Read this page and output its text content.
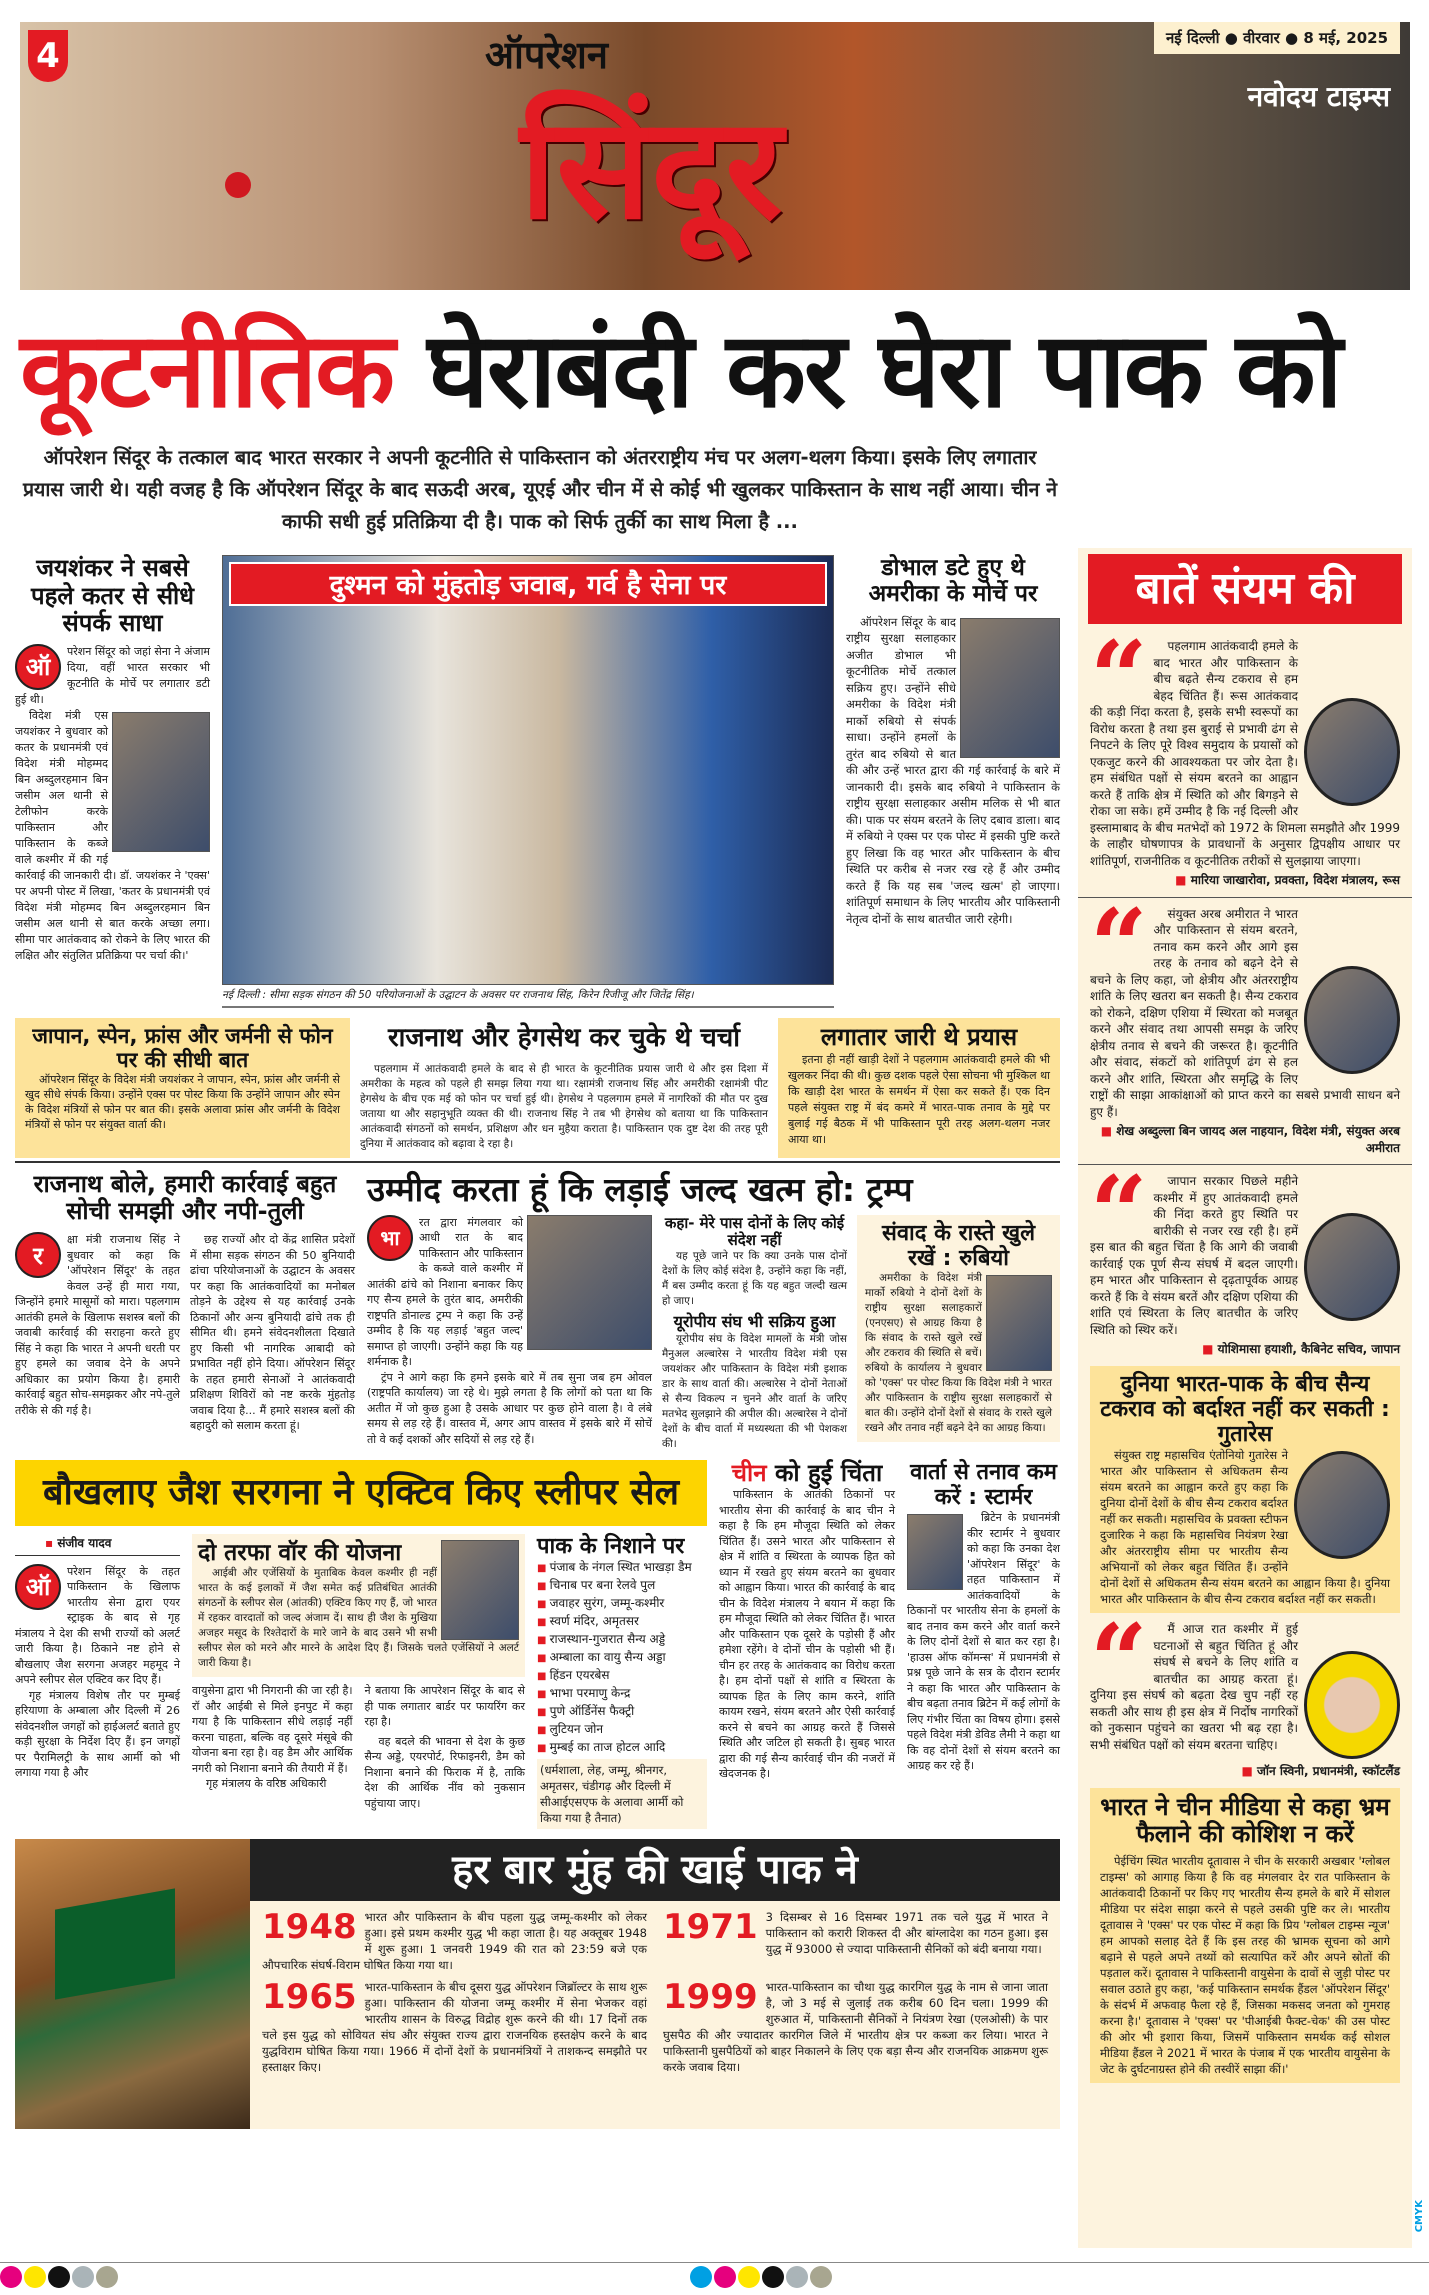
4	ऑपरेशन
सिंदूर
नई दिल्ली ● वीरवार ● 8 मई, 2025
नवोदय टाइम्स
कूटनीतिक घेराबंदी कर घेरा पाक को
ऑपरेशन सिंदूर के तत्काल बाद भारत सरकार ने अपनी कूटनीति से पाकिस्तान को अंतरराष्ट्रीय मंच पर अलग-थलग किया। इसके लिए लगातार प्रयास जारी थे। यही वजह है कि ऑपरेशन सिंदूर के बाद सऊदी अरब, यूएई और चीन में से कोई भी खुलकर पाकिस्तान के साथ नहीं आया। चीन ने काफी सधी हुई प्रतिक्रिया दी है। पाक को सिर्फ तुर्की का साथ मिला है ...
बातें संयम की
“	पहलगाम आतंकवादी हमले के बाद भारत और पाकिस्तान के बीच बढ़ते सैन्य टकराव से हम बेहद चिंतित हैं। रूस आतंकवाद की कड़ी निंदा करता है, इसके सभी स्वरूपों का विरोध करता है तथा इस बुराई से प्रभावी ढंग से निपटने के लिए पूरे विश्व समुदाय के प्रयासों को एकजुट करने की आवश्यकता पर जोर देता है। हम संबंधित पक्षों से संयम बरतने का आह्वान करते हैं ताकि क्षेत्र में स्थिति को और बिगड़ने से रोका जा सके। हमें उम्मीद है कि नई दिल्ली और इस्लामाबाद के बीच मतभेदों को 1972 के शिमला समझौते और 1999 के लाहौर घोषणापत्र के प्रावधानों के अनुसार द्विपक्षीय आधार पर शांतिपूर्ण, राजनीतिक व कूटनीतिक तरीकों से सुलझाया जाएगा।

■ मारिया जाखारोवा, प्रवक्ता, विदेश मंत्रालय, रूस

“	संयुक्त अरब अमीरात ने भारत और पाकिस्तान से संयम बरतने, तनाव कम करने और आगे इस तरह के तनाव को बढ़ने देने से बचने के लिए कहा, जो क्षेत्रीय और अंतरराष्ट्रीय शांति के लिए खतरा बन सकती है। सैन्य टकराव को रोकने, दक्षिण एशिया में स्थिरता को मजबूत करने और संवाद तथा आपसी समझ के जरिए क्षेत्रीय तनाव से बचने की जरूरत है। कूटनीति और संवाद, संकटों को शांतिपूर्ण ढंग से हल करने और शांति, स्थिरता और समृद्धि के लिए राष्ट्रों की साझा आकांक्षाओं को प्राप्त करने का सबसे प्रभावी साधन बने हुए हैं।

■ शेख अब्दुल्ला बिन जायद अल नाहयान, विदेश मंत्री, संयुक्त अरब अमीरात

“	जापान सरकार पिछले महीने कश्मीर में हुए आतंकवादी हमले की निंदा करते हुए स्थिति पर बारीकी से नजर रख रही है। हमें इस बात की बहुत चिंता है कि आगे की जवाबी कार्रवाई एक पूर्ण सैन्य संघर्ष में बदल जाएगी। हम भारत और पाकिस्तान से दृढ़तापूर्वक आग्रह करते हैं कि वे संयम बरतें और दक्षिण एशिया की शांति एवं स्थिरता के लिए बातचीत के जरिए स्थिति को स्थिर करें।

■ योशिमासा हयाशी, कैबिनेट सचिव, जापान

दुनिया भारत-पाक के बीच सैन्य टकराव को बर्दाश्त नहीं कर सकती : गुतारेस

संयुक्त राष्ट्र महासचिव एंतोनियो गुतारेस ने भारत और पाकिस्तान से अधिकतम सैन्य संयम बरतने का आह्वान करते हुए कहा कि दुनिया दोनों देशों के बीच सैन्य टकराव बर्दाश्त नहीं कर सकती। महासचिव के प्रवक्ता स्टीफन दुजारिक ने कहा कि महासचिव नियंत्रण रेखा और अंतरराष्ट्रीय सीमा पर भारतीय सैन्य अभियानों को लेकर बहुत चिंतित हैं। उन्होंने दोनों देशों से अधिकतम सैन्य संयम बरतने का आह्वान किया है। दुनिया भारत और पाकिस्तान के बीच सैन्य टकराव बर्दाश्त नहीं कर सकती।

“	मैं आज रात कश्मीर में हुई घटनाओं से बहुत चिंतित हूं और संघर्ष से बचने के लिए शांति व बातचीत का आग्रह करता हूं। दुनिया इस संघर्ष को बढ़ता देख चुप नहीं रह सकती और साथ ही इस क्षेत्र में निर्दोष नागरिकों को नुकसान पहुंचने का खतरा भी बढ़ रहा है। सभी संबंधित पक्षों को संयम बरतना चाहिए।

■ जॉन स्विनी, प्रधानमंत्री, स्कॉटलैंड

भारत ने चीन मीडिया से कहा भ्रम फैलाने की कोशिश न करें

पेईचिंग स्थित भारतीय दूतावास ने चीन के सरकारी अखबार 'ग्लोबल टाइम्स' को आगाह किया है कि वह मंगलवार देर रात पाकिस्तान के आतंकवादी ठिकानों पर किए गए भारतीय सैन्य हमले के बारे में सोशल मीडिया पर संदेश साझा करने से पहले उसकी पुष्टि कर ले। भारतीय दूतावास ने 'एक्स' पर एक पोस्ट में कहा कि प्रिय 'ग्लोबल टाइम्स न्यूज' हम आपको सलाह देते हैं कि इस तरह की भ्रामक सूचना को आगे बढ़ाने से पहले अपने तथ्यों को सत्यापित करें और अपने स्रोतों की पड़ताल करें। दूतावास ने पाकिस्तानी वायुसेना के दावों से जुड़ी पोस्ट पर सवाल उठाते हुए कहा, 'कई पाकिस्तान समर्थक हैंडल 'ऑपरेशन सिंदूर' के संदर्भ में अफवाह फैला रहे हैं, जिसका मकसद जनता को गुमराह करना है।' दूतावास ने 'एक्स' पर 'पीआईबी फैक्ट-चेक' की उस पोस्ट की ओर भी इशारा किया, जिसमें पाकिस्तान समर्थक कई सोशल मीडिया हैंडल ने 2021 में भारत के पंजाब में एक भारतीय वायुसेना के जेट के दुर्घटनाग्रस्त होने की तस्वीरें साझा कीं।'

जयशंकर ने सबसे पहले कतर से सीधे संपर्क साधा
ऑ

परेशन सिंदूर को जहां सेना ने अंजाम दिया, वहीं भारत सरकार भी कूटनीति के मोर्चे पर लगातार डटी हुई थी।

विदेश मंत्री एस जयशंकर ने बुधवार को कतर के प्रधानमंत्री एवं विदेश मंत्री मोहम्मद बिन अब्दुलरहमान बिन जसीम अल थानी से टेलीफोन करके पाकिस्तान और पाकिस्तान के कब्जे वाले कश्मीर में की गई कार्रवाई की जानकारी दी। डॉ. जयशंकर ने 'एक्स' पर अपनी पोस्ट में लिखा, 'कतर के प्रधानमंत्री एवं विदेश मंत्री मोहम्मद बिन अब्दुलरहमान बिन जसीम अल थानी से बात करके अच्छा लगा। सीमा पार आतंकवाद को रोकने के लिए भारत की लक्षित और संतुलित प्रतिक्रिया पर चर्चा की।'

दुश्मन को मुंहतोड़ जवाब, गर्व है सेना पर
नई दिल्ली : सीमा सड़क संगठन की 50 परियोजनाओं के उद्घाटन के अवसर पर राजनाथ सिंह, किरेन रिजीजू और जितेंद्र सिंह।
डोभाल डटे हुए थे अमरीका के मोर्चे पर

ऑपरेशन सिंदूर के बाद राष्ट्रीय सुरक्षा सलाहकार अजीत डोभाल भी कूटनीतिक मोर्चे तत्काल सक्रिय हुए। उन्होंने सीधे अमरीका के विदेश मंत्री मार्को रुबियो से संपर्क साधा। उन्होंने हमलों के तुरंत बाद रुबियो से बात की और उन्हें भारत द्वारा की गई कार्रवाई के बारे में जानकारी दी। इसके बाद रुबियो ने पाकिस्तान के राष्ट्रीय सुरक्षा सलाहकार असीम मलिक से भी बात की। पाक पर संयम बरतने के लिए दबाव डाला। बाद में रुबियो ने एक्स पर एक पोस्ट में इसकी पुष्टि करते हुए लिखा कि वह भारत और पाकिस्तान के बीच स्थिति पर करीब से नजर रख रहे हैं और उम्मीद करते हैं कि यह सब 'जल्द खत्म' हो जाएगा। शांतिपूर्ण समाधान के लिए भारतीय और पाकिस्तानी नेतृत्व दोनों के साथ बातचीत जारी रहेगी।

जापान, स्पेन, फ्रांस और जर्मनी से फोन पर की सीधी बात

ऑपरेशन सिंदूर के विदेश मंत्री जयशंकर ने जापान, स्पेन, फ्रांस और जर्मनी से खुद सीधे संपर्क किया। उन्होंने एक्स पर पोस्ट किया कि उन्होंने जापान और स्पेन के विदेश मंत्रियों से फोन पर बात की। इसके अलावा फ्रांस और जर्मनी के विदेश मंत्रियों से फोन पर संयुक्त वार्ता की।

राजनाथ और हेगसेथ कर चुके थे चर्चा

पहलगाम में आतंकवादी हमले के बाद से ही भारत के कूटनीतिक प्रयास जारी थे और इस दिशा में अमरीका के महत्व को पहले ही समझ लिया गया था। रक्षामंत्री राजनाथ सिंह और अमरीकी रक्षामंत्री पीट हेगसेथ के बीच एक मई को फोन पर चर्चा हुई थी। हेगसेथ ने पहलगाम हमले में नागरिकों की मौत पर दुख जताया था और सहानुभूति व्यक्त की थी। राजनाथ सिंह ने तब भी हेगसेथ को बताया था कि पाकिस्तान आतंकवादी संगठनों को समर्थन, प्रशिक्षण और धन मुहैया कराता है। पाकिस्तान एक दुष्ट देश की तरह पूरी दुनिया में आतंकवाद को बढ़ावा दे रहा है।

लगातार जारी थे प्रयास

इतना ही नहीं खाड़ी देशों ने पहलगाम आतंकवादी हमले की भी खुलकर निंदा की थी। कुछ दशक पहले ऐसा सोचना भी मुश्किल था कि खाड़ी देश भारत के समर्थन में ऐसा कर सकते हैं। एक दिन पहले संयुक्त राष्ट्र में बंद कमरे में भारत-पाक तनाव के मुद्दे पर बुलाई गई बैठक में भी पाकिस्तान पूरी तरह अलग-थलग नजर आया था।

राजनाथ बोले, हमारी कार्रवाई बहुत सोची समझी और नपी-तुली
र

क्षा मंत्री राजनाथ सिंह ने बुधवार को कहा कि 'ऑपरेशन सिंदूर' के तहत केवल उन्हें ही मारा गया, जिन्होंने हमारे मासूमों को मारा। पहलगाम आतंकी हमले के खिलाफ सशस्त्र बलों की जवाबी कार्रवाई की सराहना करते हुए सिंह ने कहा कि भारत ने अपनी धरती पर हुए हमले का जवाब देने के अपने अधिकार का प्रयोग किया है। हमारी कार्रवाई बहुत सोच-समझकर और नपे-तुले तरीके से की गई है।

छह राज्यों और दो केंद्र शासित प्रदेशों में सीमा सड़क संगठन की 50 बुनियादी ढांचा परियोजनाओं के उद्घाटन के अवसर पर कहा कि आतंकवादियों का मनोबल तोड़ने के उद्देश्य से यह कार्रवाई उनके ठिकानों और अन्य बुनियादी ढांचे तक ही सीमित थी। हमने संवेदनशीलता दिखाते हुए किसी भी नागरिक आबादी को प्रभावित नहीं होने दिया। ऑपरेशन सिंदूर के तहत हमारी सेनाओं ने आतंकवादी प्रशिक्षण शिविरों को नष्ट करके मुंहतोड़ जवाब दिया है... मैं हमारे सशस्त्र बलों की बहादुरी को सलाम करता हूं।

उम्मीद करता हूं कि लड़ाई जल्द खत्म हो: ट्रम्प
भा

रत द्वारा मंगलवार को आधी रात के बाद पाकिस्तान और पाकिस्तान के कब्जे वाले कश्मीर में आतंकी ढांचे को निशाना बनाकर किए गए सैन्य हमले के तुरंत बाद, अमरीकी राष्ट्रपति डोनाल्ड ट्रम्प ने कहा कि उन्हें उम्मीद है कि यह लड़ाई 'बहुत जल्द' समाप्त हो जाएगी। उन्होंने कहा कि यह शर्मनाक है।

ट्रंप ने आगे कहा कि हमने इसके बारे में तब सुना जब हम ओवल (राष्ट्रपति कार्यालय) जा रहे थे। मुझे लगता है कि लोगों को पता था कि अतीत में जो कुछ हुआ है उसके आधार पर कुछ होने वाला है। वे लंबे समय से लड़ रहे हैं। वास्तव में, अगर आप वास्तव में इसके बारे में सोचें तो वे कई दशकों और सदियों से लड़ रहे हैं।

कहा- मेरे पास दोनों के लिए कोई संदेश नहीं

यह पूछे जाने पर कि क्या उनके पास दोनों देशों के लिए कोई संदेश है, उन्होंने कहा कि नहीं, मैं बस उम्मीद करता हूं कि यह बहुत जल्दी खत्म हो जाए।

यूरोपीय संघ भी सक्रिय हुआ

यूरोपीय संघ के विदेश मामलों के मंत्री जोस मैनुअल अल्बारेस ने भारतीय विदेश मंत्री एस जयशंकर और पाकिस्तान के विदेश मंत्री इशाक डार के साथ वार्ता की। अल्बारेस ने दोनों नेताओं से सैन्य विकल्प न चुनने और वार्ता के जरिए मतभेद सुलझाने की अपील की। अल्बारेस ने दोनों देशों के बीच वार्ता में मध्यस्थता की भी पेशकश की।

संवाद के रास्ते खुले रखें : रुबियो

अमरीका के विदेश मंत्री मार्को रुबियो ने दोनों देशों के राष्ट्रीय सुरक्षा सलाहकारों (एनएसए) से आग्रह किया है कि संवाद के रास्ते खुले रखें और टकराव की स्थिति से बचें। रुबियो के कार्यालय ने बुधवार को 'एक्स' पर पोस्ट किया कि विदेश मंत्री ने भारत और पाकिस्तान के राष्ट्रीय सुरक्षा सलाहकारों से बात की। उन्होंने दोनों देशों से संवाद के रास्ते खुले रखने और तनाव नहीं बढ़ने देने का आग्रह किया।

बौखलाए जैश सरगना ने एक्टिव किए स्लीपर सेल
▪ संजीव यादव
ऑ

परेशन सिंदूर के तहत पाकिस्तान के खिलाफ भारतीय सेना द्वारा एयर स्ट्राइक के बाद से गृह मंत्रालय ने देश की सभी राज्यों को अलर्ट जारी किया है। ठिकाने नष्ट होने से बौखलाए जैश सरगना अजहर महमूद ने अपने स्लीपर सेल एक्टिव कर दिए हैं।

गृह मंत्रालय विशेष तौर पर मुम्बई हरियाणा के अम्बाला और दिल्ली में 26 संवेदनशील जगहों को हाईअलर्ट बताते हुए कड़ी सुरक्षा के निर्देश दिए हैं। इन जगहों पर पैरामिलट्री के साथ आर्मी को भी लगाया गया है और

दो तरफा वॉर की योजना

आईबी और एजेंसियों के मुताबिक केवल कश्मीर ही नहीं भारत के कई इलाकों में जैश समेत कई प्रतिबंधित आतंकी संगठनों के स्लीपर सेल (आंतकी) एक्टिव किए गए हैं, जो भारत में रहकर वारदातों को जल्द अंजाम दें। साथ ही जैश के मुखिया अजहर मसूद के रिश्तेदारों के मारे जाने के बाद उसने भी सभी स्लीपर सेल को मरने और मारने के आदेश दिए हैं। जिसके चलते एजेंसियों ने अलर्ट जारी किया है।

वायुसेना द्वारा भी निगरानी की जा रही है। रॉ और आईबी से मिले इनपुट में कहा गया है कि पाकिस्तान सीधे लड़ाई नहीं करना चाहता, बल्कि वह दूसरे मंसूबे की योजना बना रहा है। वह डैम और आर्थिक नगरी को निशाना बनाने की तैयारी में हैं।

गृह मंत्रालय के वरिष्ठ अधिकारी

ने बताया कि आपरेशन सिंदूर के बाद से ही पाक लगातार बार्डर पर फायरिंग कर रहा है।

वह बदले की भावना से देश के कुछ सैन्य अड्डे, एयरपोर्ट, रिफाइनरी, डैम को निशाना बनाने की फिराक में है, ताकि देश की आर्थिक नींव को नुकसान पहुंचाया जाए।

पाक के निशाने पर
■ पंजाब के नंगल स्थित भाखड़ा डैम
■ चिनाब पर बना रेलवे पुल
■ जवाहर सुरंग, जम्मू-कश्मीर
■ स्वर्ण मंदिर, अमृतसर
■ राजस्थान-गुजरात सैन्य अड्डे
■ अम्बाला का वायु सैन्य अड्डा
■ हिंडन एयरबेस
■ भाभा परमाणु केन्द्र
■ पुणे ऑर्डिनेंस फैक्ट्री
■ लुटियन जोन
■ मुम्बई का ताज होटल आदि
(धर्मशाला, लेह, जम्मू, श्रीनगर, अमृतसर, चंडीगढ़ और दिल्ली में सीआईएसएफ के अलावा आर्मी को किया गया है तैनात)
चीन को हुई चिंता

पाकिस्तान के आतंकी ठिकानों पर भारतीय सेना की कार्रवाई के बाद चीन ने कहा है कि हम मौजूदा स्थिति को लेकर चिंतित हैं। उसने भारत और पाकिस्तान से क्षेत्र में शांति व स्थिरता के व्यापक हित को ध्यान में रखते हुए संयम बरतने का बुधवार को आह्वान किया। भारत की कार्रवाई के बाद चीन के विदेश मंत्रालय ने बयान में कहा कि हम मौजूदा स्थिति को लेकर चिंतित हैं। भारत और पाकिस्तान एक दूसरे के पड़ोसी हैं और हमेशा रहेंगे। वे दोनों चीन के पड़ोसी भी हैं। चीन हर तरह के आतंकवाद का विरोध करता है। हम दोनों पक्षों से शांति व स्थिरता के व्यापक हित के लिए काम करने, शांति कायम रखने, संयम बरतने और ऐसी कार्रवाई करने से बचने का आग्रह करते हैं जिससे स्थिति और जटिल हो सकती है। सुबह भारत द्वारा की गई सैन्य कार्रवाई चीन की नजरों में खेदजनक है।

वार्ता से तनाव कम करें : स्टार्मर

ब्रिटेन के प्रधानमंत्री कीर स्टार्मर ने बुधवार को कहा कि उनका देश 'ऑपरेशन सिंदूर' के तहत पाकिस्तान में आतंकवादियों के ठिकानों पर भारतीय सेना के हमलों के बाद तनाव कम करने और वार्ता करने के लिए दोनों देशों से बात कर रहा है। 'हाउस ऑफ कॉमन्स' में प्रधानमंत्री से प्रश्न पूछे जाने के सत्र के दौरान स्टार्मर ने कहा कि भारत और पाकिस्तान के बीच बढ़ता तनाव ब्रिटेन में कई लोगों के लिए गंभीर चिंता का विषय होगा। इससे पहले विदेश मंत्री डेविड लैमी ने कहा था कि वह दोनों देशों से संयम बरतने का आग्रह कर रहे हैं।

हर बार मुंह की खाई पाक ने
1948 भारत और पाकिस्तान के बीच पहला युद्ध जम्मू-कश्मीर को लेकर हुआ। इसे प्रथम कश्मीर युद्ध भी कहा जाता है। यह अक्तूबर 1948 में शुरू हुआ। 1 जनवरी 1949 की रात को 23:59 बजे एक औपचारिक संघर्ष-विराम घोषित किया गया था।

1971 3 दिसम्बर से 16 दिसम्बर 1971 तक चले युद्ध में भारत ने पाकिस्तान को करारी शिकस्त दी और बांग्लादेश का गठन हुआ। इस युद्ध में 93000 से ज्यादा पाकिस्तानी सैनिकों को बंदी बनाया गया।

1965 भारत-पाकिस्तान के बीच दूसरा युद्ध ऑपरेशन जिब्रॉल्टर के साथ शुरू हुआ। पाकिस्तान की योजना जम्मू कश्मीर में सेना भेजकर वहां भारतीय शासन के विरुद्ध विद्रोह शुरू करने की थी। 17 दिनों तक चले इस युद्ध को सोवियत संघ और संयुक्त राज्य द्वारा राजनयिक हस्तक्षेप करने के बाद युद्धविराम घोषित किया गया। 1966 में दोनों देशों के प्रधानमंत्रियों ने ताशकन्द समझौते पर हस्ताक्षर किए।

1999 भारत-पाकिस्तान का चौथा युद्ध कारगिल युद्ध के नाम से जाना जाता है, जो 3 मई से जुलाई तक करीब 60 दिन चला। 1999 की शुरुआत में, पाकिस्तानी सैनिकों ने नियंत्रण रेखा (एलओसी) के पार घुसपैठ की और ज्यादातर कारगिल जिले में भारतीय क्षेत्र पर कब्जा कर लिया। भारत ने पाकिस्तानी घुसपैठियों को बाहर निकालने के लिए एक बड़ा सैन्य और राजनयिक आक्रमण शुरू करके जवाब दिया।

CMYK
